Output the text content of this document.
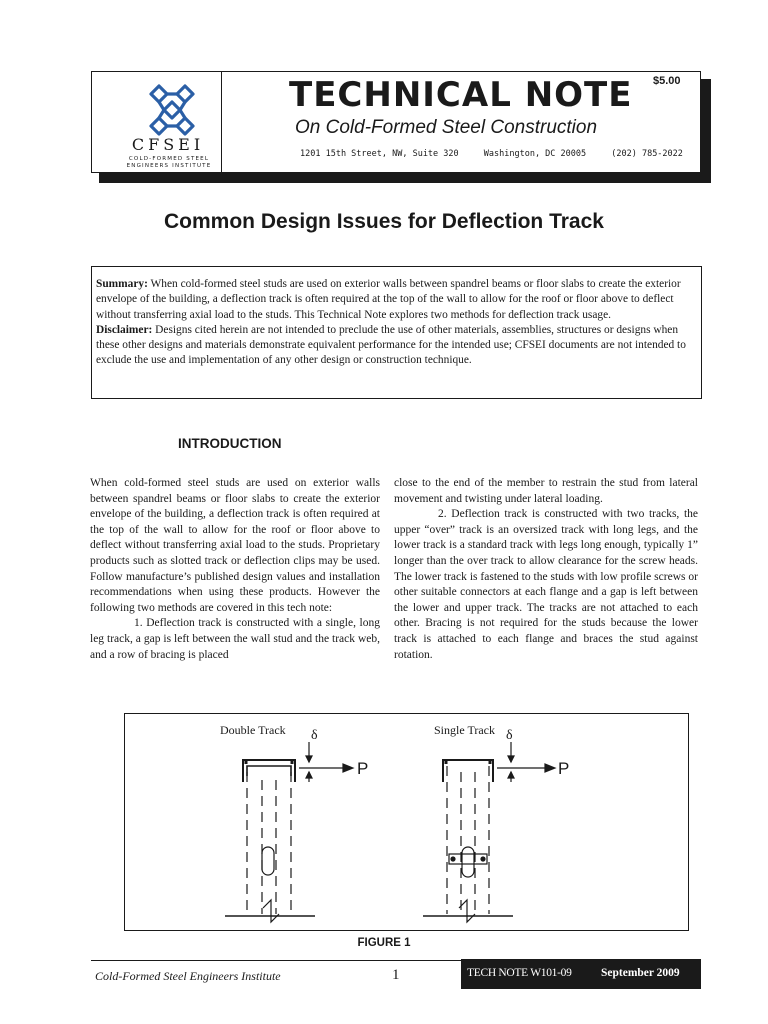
CFSEI
COLD-FORMED STEEL
ENGINEERS INSTITUTE
TECHNICAL NOTE $5.00
On Cold-Formed Steel Construction
1201 15th Street, NW, Suite 320	Washington, DC 20005	(202) 785-2022
Common Design Issues for Deflection Track
Summary: When cold-formed steel studs are used on exterior walls between spandrel beams or floor slabs to create the exterior envelope of the building, a deflection track is often required at the top of the wall to allow for the roof or floor above to deflect without transferring axial load to the studs. This Technical Note explores two methods for deflection track usage.
Disclaimer: Designs cited herein are not intended to preclude the use of other materials, assemblies, structures or designs when these other designs and materials demonstrate equivalent performance for the intended use; CFSEI documents are not intended to exclude the use and implementation of any other design or construction technique.
INTRODUCTION

When cold-formed steel studs are used on exterior walls between spandrel beams or floor slabs to create the exterior envelope of the building, a deflection track is often required at the top of the wall to allow for the roof or floor above to deflect without transferring axial load to the studs. Proprietary products such as slotted track or deflection clips may be used. Follow manufacture’s published design values and installation recommendations when using these products. However the following two methods are covered in this tech note:

1. Deflection track is constructed with a single, long leg track, a gap is left between the wall stud and the track web, and a row of bracing is placed

close to the end of the member to restrain the stud from lateral movement and twisting under lateral loading.

2. Deflection track is constructed with two tracks, the upper “over” track is an oversized track with long legs, and the lower track is a standard track with legs long enough, typically 1” longer than the over track to allow clearance for the screw heads. The lower track is fastened to the studs with low profile screws or other suitable connectors at each flange and a gap is left between the lower and upper track. The tracks are not attached to each other. Bracing is not required for the studs because the lower track is attached to each flange and braces the stud against rotation.

Double Track	Single Track
δ	δ
P	P
FIGURE 1
Cold-Formed Steel Engineers Institute	1	TECH NOTE W101-09	September 2009
